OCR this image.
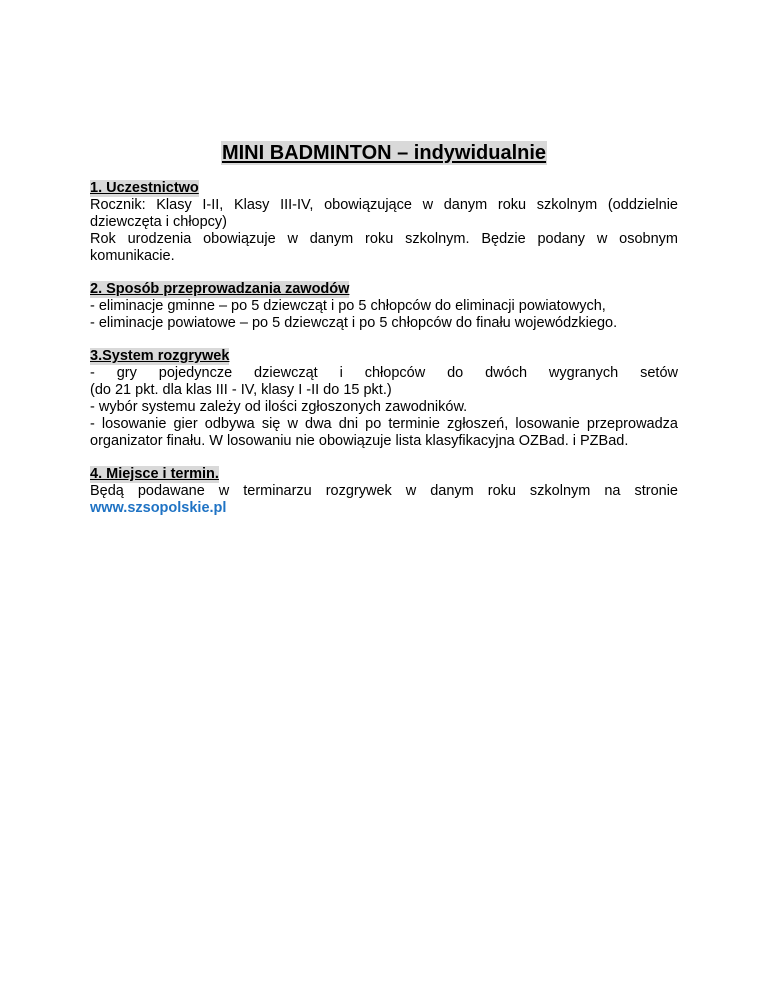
MINI BADMINTON – indywidualnie
1. Uczestnictwo

Rocznik: Klasy I-II, Klasy III-IV, obowiązujące w danym roku szkolnym (oddzielnie dziewczęta i chłopcy)

Rok urodzenia obowiązuje w danym roku szkolnym. Będzie podany w osobnym komunikacie.

2. Sposób przeprowadzania zawodów

- eliminacje gminne – po 5 dziewcząt i po 5 chłopców do eliminacji powiatowych,

- eliminacje powiatowe – po 5 dziewcząt i po 5 chłopców do finału wojewódzkiego.

3.System rozgrywek

- gry pojedyncze dziewcząt i chłopców do dwóch wygranych setów

(do 21 pkt. dla klas III - IV, klasy I -II do 15 pkt.)

- wybór systemu zależy od ilości zgłoszonych zawodników.

- losowanie gier odbywa się w dwa dni po terminie zgłoszeń, losowanie przeprowadza organizator finału. W losowaniu nie obowiązuje lista klasyfikacyjna OZBad. i PZBad.

4. Miejsce i termin.

Będą podawane w terminarzu rozgrywek w danym roku szkolnym na stronie

www.szsopolskie.pl
